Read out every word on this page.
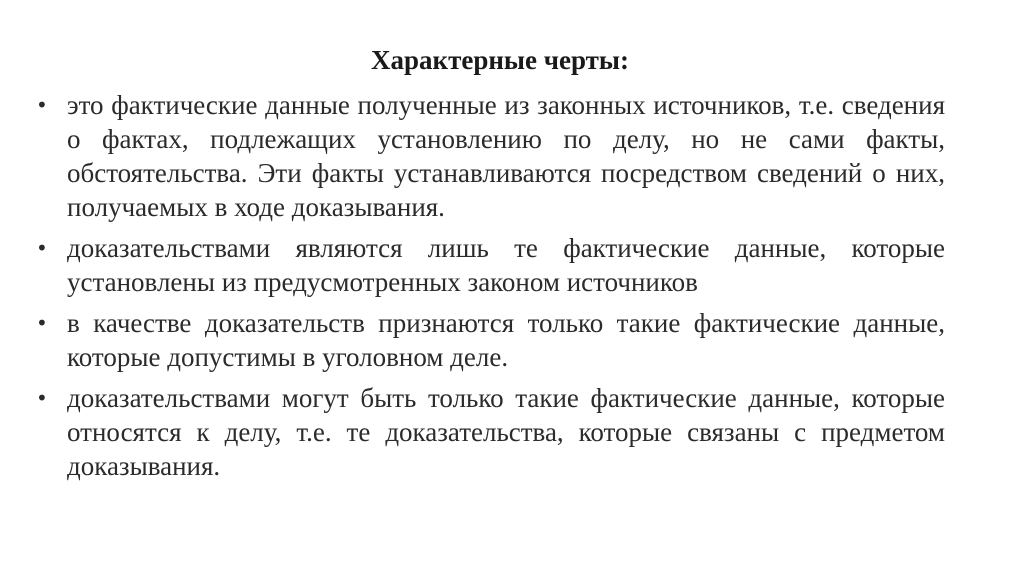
Характерные черты:
• это фактические данные полученные из законных источников, т.е. сведения о фактах, подлежащих установлению по делу, но не сами факты, обстоятельства. Эти факты устанавливаются посредством сведений о них, получаемых в ходе доказывания.
• доказательствами являются лишь те фактические данные, которые установлены из предусмотренных законом источников
• в качестве доказательств признаются только такие фактические данные, которые допустимы в уголовном деле.
• доказательствами могут быть только такие фактические данные, которые относятся к делу, т.е. те доказательства, которые связаны с предметом доказывания.
